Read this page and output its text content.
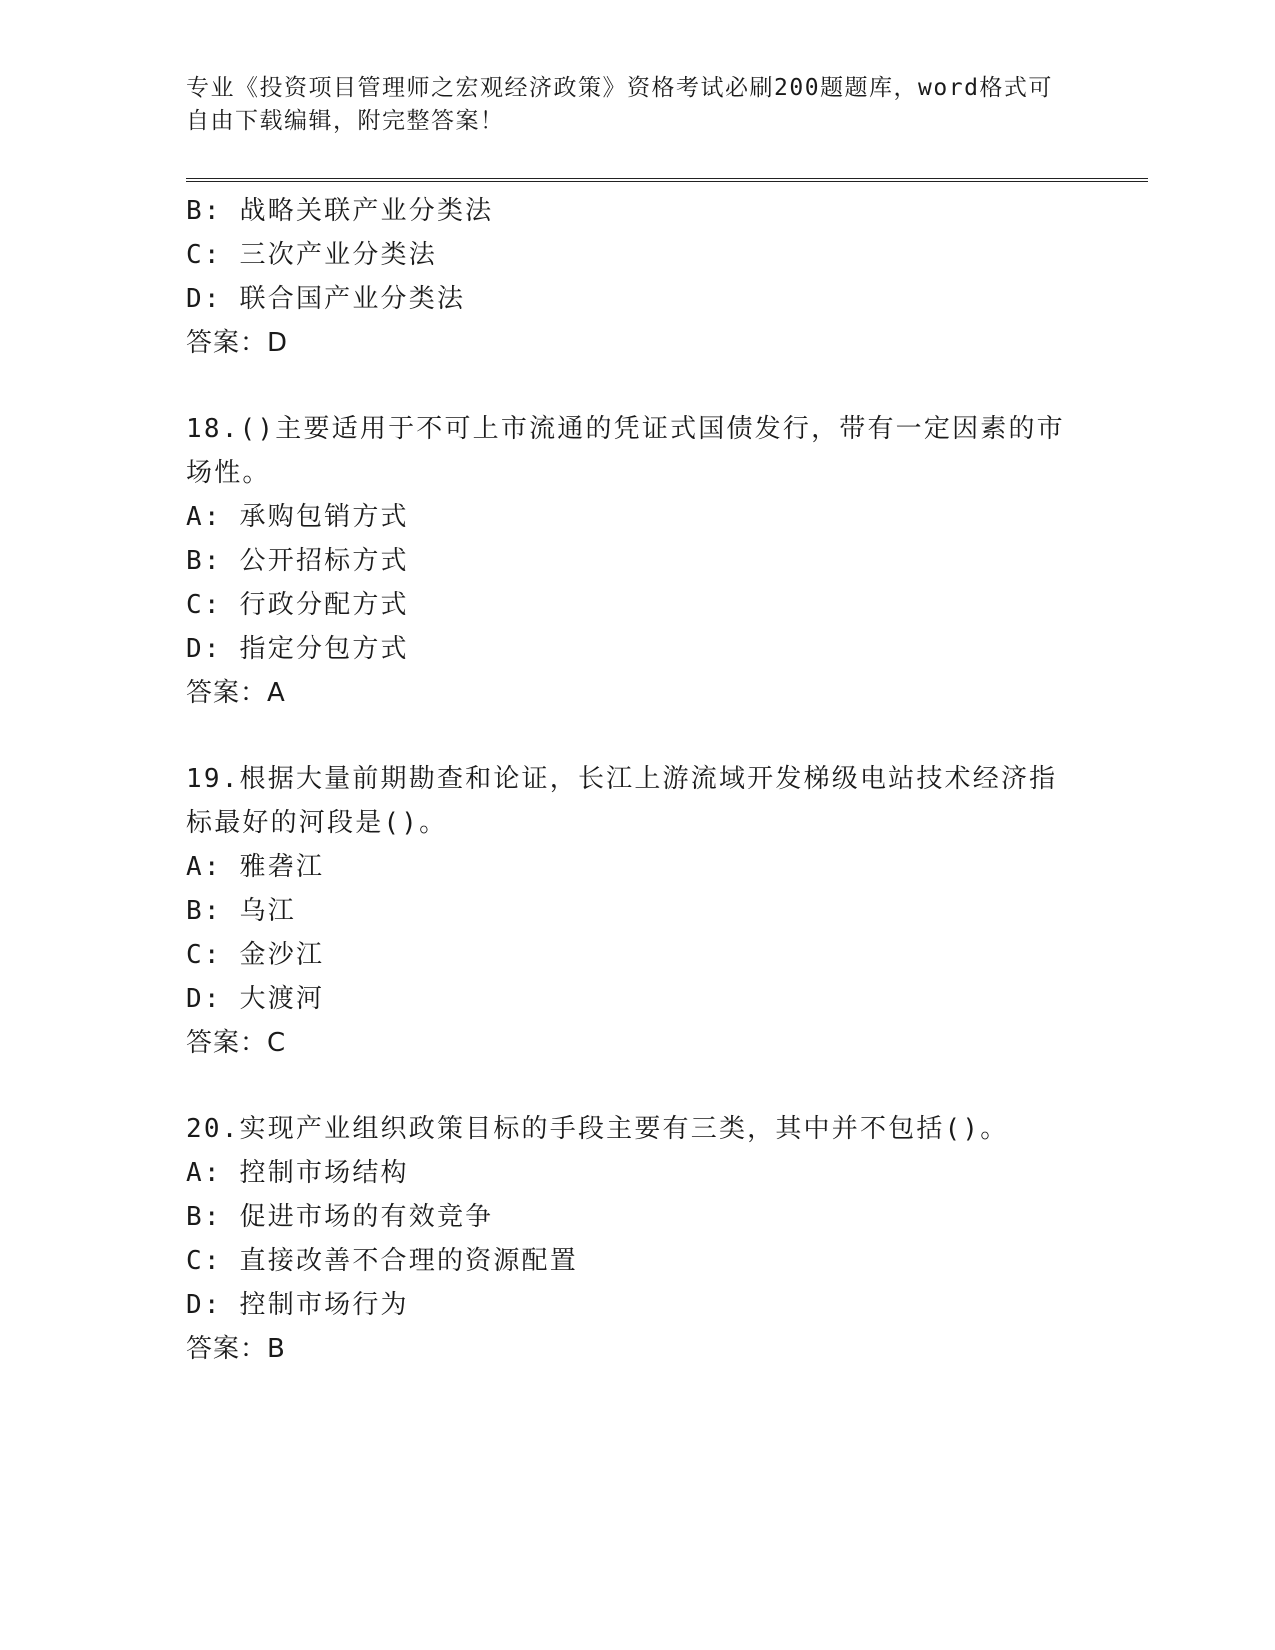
专业《投资项目管理师之宏观经济政策》资格考试必刷200题题库，word格式可
自由下载编辑，附完整答案！
B: 战略关联产业分类法
C: 三次产业分类法
D: 联合国产业分类法
答案：D
18.()主要适用于不可上市流通的凭证式国债发行，带有一定因素的市
场性。
A: 承购包销方式
B: 公开招标方式
C: 行政分配方式
D: 指定分包方式
答案：A
19.根据大量前期勘查和论证，长江上游流域开发梯级电站技术经济指
标最好的河段是()。
A: 雅砻江
B: 乌江
C: 金沙江
D: 大渡河
答案：C
20.实现产业组织政策目标的手段主要有三类，其中并不包括()。
A: 控制市场结构
B: 促进市场的有效竞争
C: 直接改善不合理的资源配置
D: 控制市场行为
答案：B
